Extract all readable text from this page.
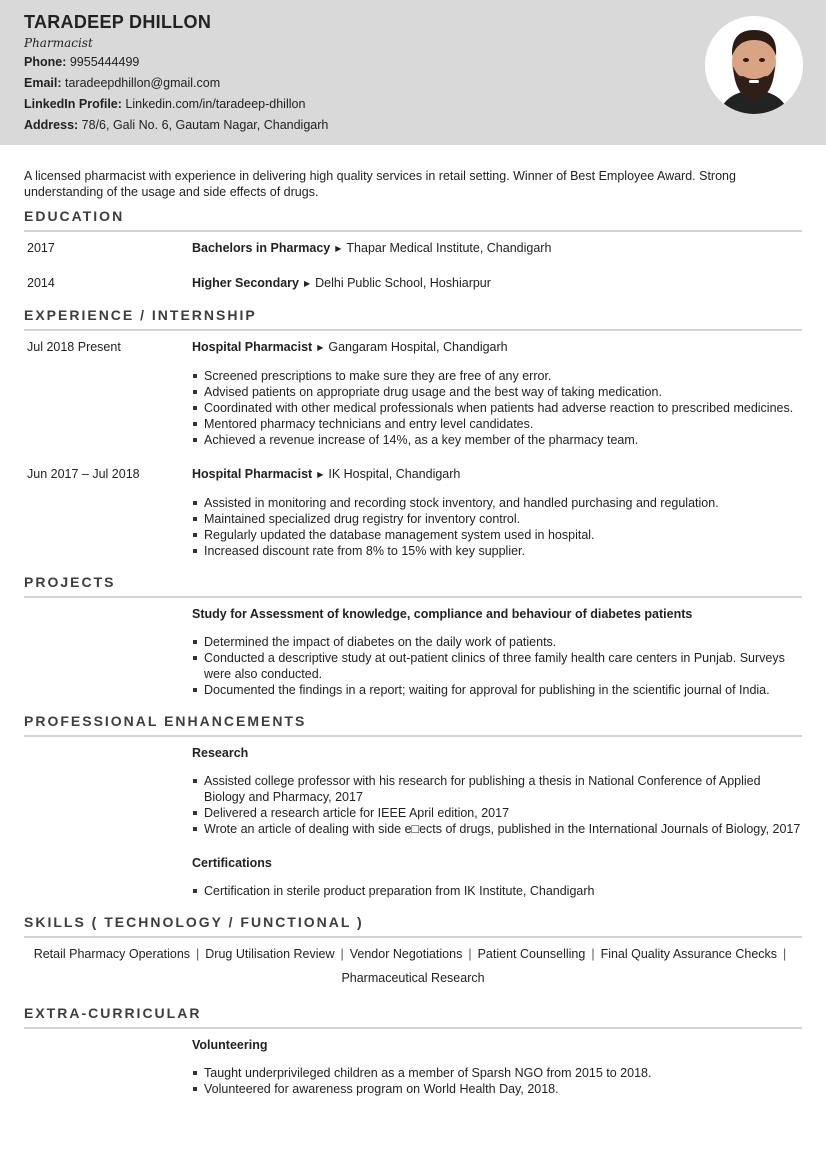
TARADEEP DHILLON
Pharmacist
Phone: 9955444499
Email: taradeepdhillon@gmail.com
LinkedIn Profile: Linkedin.com/in/taradeep-dhillon
Address: 78/6, Gali No. 6, Gautam Nagar, Chandigarh

A licensed pharmacist with experience in delivering high quality services in retail setting. Winner of Best Employee Award. Strong understanding of the usage and side effects of drugs.

EDUCATION
2017	Bachelors in Pharmacy ▶ Thapar Medical Institute, Chandigarh
2014	Higher Secondary ▶ Delhi Public School, Hoshiarpur
EXPERIENCE / INTERNSHIP
Jul 2018 Present	Hospital Pharmacist ▶ Gangaram Hospital, Chandigarh
Screened prescriptions to make sure they are free of any error.
Advised patients on appropriate drug usage and the best way of taking medication.
Coordinated with other medical professionals when patients had adverse reaction to prescribed medicines.
Mentored pharmacy technicians and entry level candidates.
Achieved a revenue increase of 14%, as a key member of the pharmacy team.
Jun 2017 – Jul 2018	Hospital Pharmacist ▶ IK Hospital, Chandigarh
Assisted in monitoring and recording stock inventory, and handled purchasing and regulation.
Maintained specialized drug registry for inventory control.
Regularly updated the database management system used in hospital.
Increased discount rate from 8% to 15% with key supplier.
PROJECTS
Study for Assessment of knowledge, compliance and behaviour of diabetes patients
Determined the impact of diabetes on the daily work of patients.
Conducted a descriptive study at out-patient clinics of three family health care centers in Punjab. Surveys were also conducted.
Documented the findings in a report; waiting for approval for publishing in the scientific journal of India.
PROFESSIONAL ENHANCEMENTS
Research
Assisted college professor with his research for publishing a thesis in National Conference of Applied Biology and Pharmacy, 2017
Delivered a research article for IEEE April edition, 2017
Wrote an article of dealing with side e□ects of drugs, published in the International Journals of Biology, 2017
Certifications
Certification in sterile product preparation from IK Institute, Chandigarh
SKILLS ( TECHNOLOGY / FUNCTIONAL )
Retail Pharmacy Operations | Drug Utilisation Review | Vendor Negotiations | Patient Counselling | Final Quality Assurance Checks |
Pharmaceutical Research
EXTRA-CURRICULAR
Volunteering
Taught underprivileged children as a member of Sparsh NGO from 2015 to 2018.
Volunteered for awareness program on World Health Day, 2018.
